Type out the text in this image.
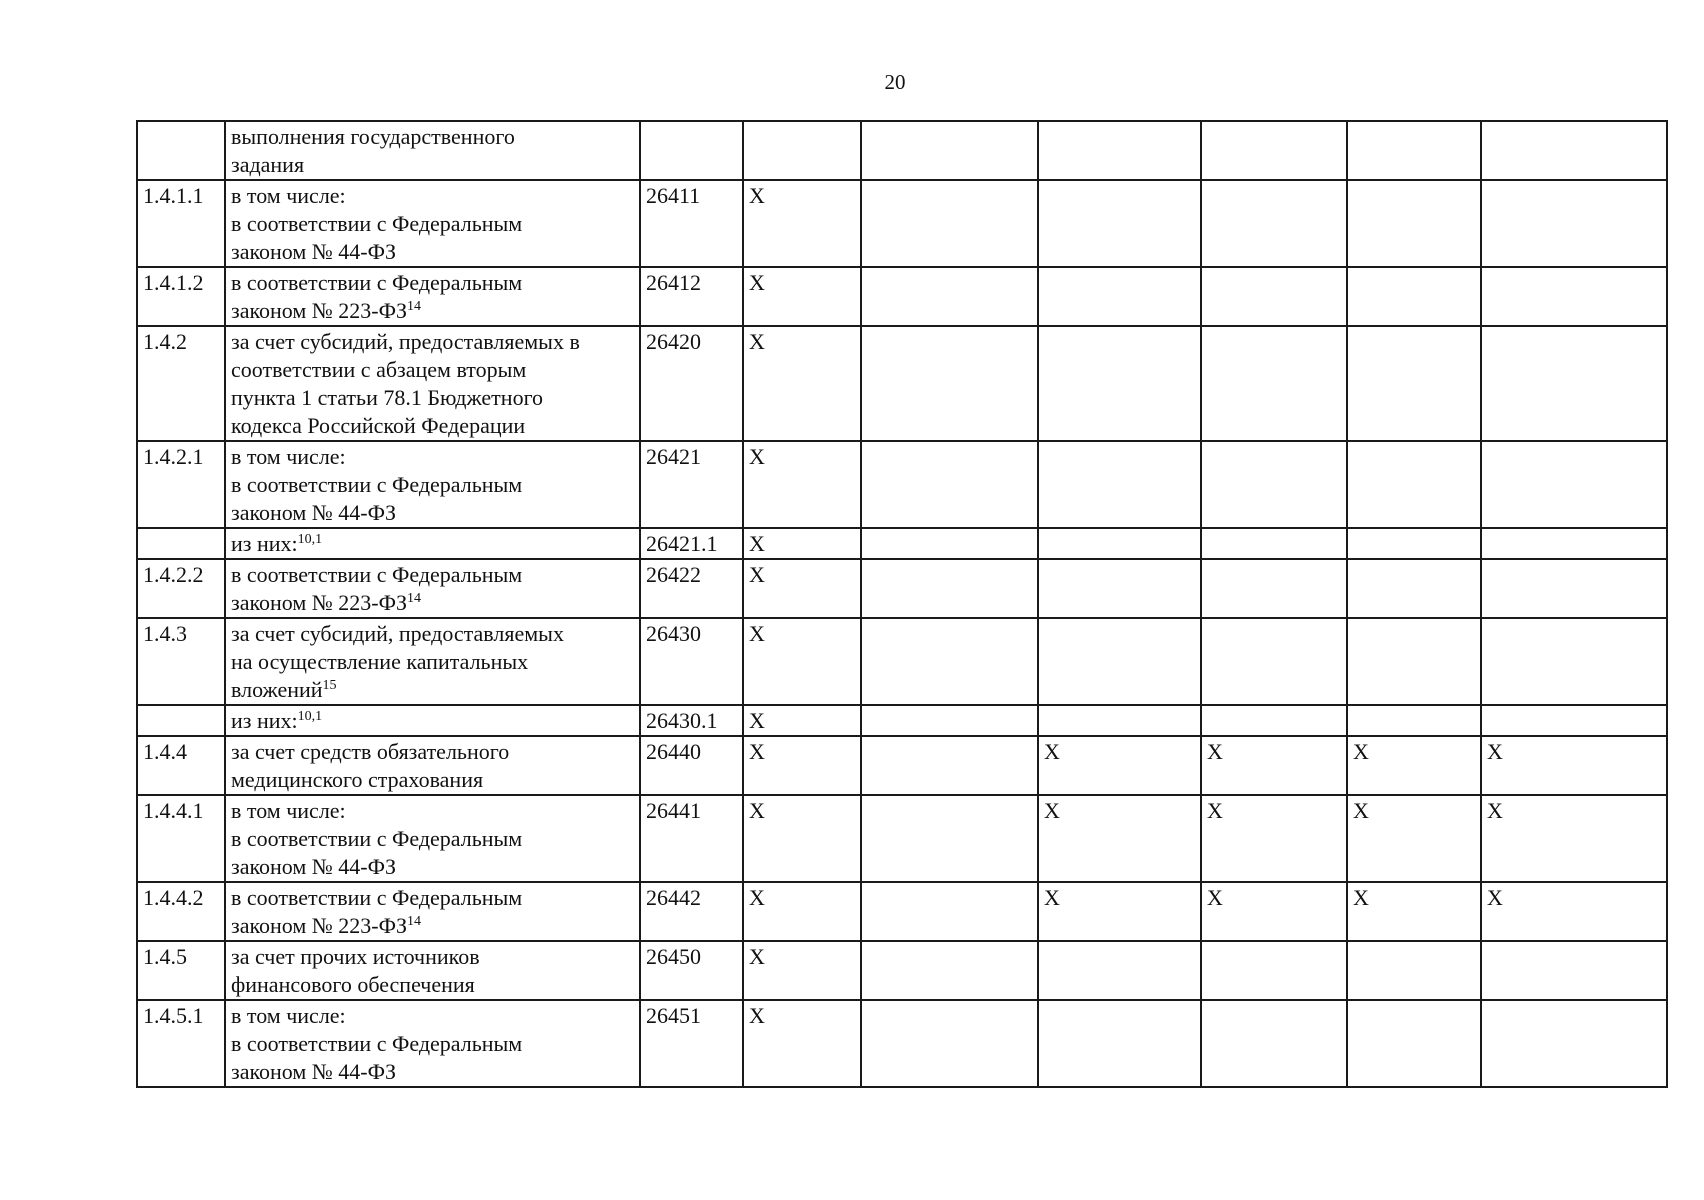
20

	выполнения государственного
задания							

1.4.1.1	в том числе:
в соответствии с Федеральным
законом № 44-ФЗ	26411	X					
1.4.1.2	в соответствии с Федеральным
законом № 223-ФЗ$^{14}$	26412	X					
1.4.2	за счет субсидий, предоставляемых в
соответствии с абзацем вторым
пункта 1 статьи 78.1 Бюджетного
кодекса Российской Федерации	26420	X					
1.4.2.1	в том числе:
в соответствии с Федеральным
законом № 44-ФЗ	26421	X					

	из них:$^{10,1}$	26421.1	X					
1.4.2.2	в соответствии с Федеральным
законом № 223-ФЗ$^{14}$	26422	X					
1.4.3	за счет субсидий, предоставляемых
на осуществление капитальных
вложений$^{15}$	26430	X					

	из них:$^{10,1}$	26430.1	X					
1.4.4	за счет средств обязательного
медицинского страхования	26440	X		X	X	X	X
1.4.4.1	в том числе:
в соответствии с Федеральным
законом № 44-ФЗ	26441	X		X	X	X	X
1.4.4.2	в соответствии с Федеральным
законом № 223-ФЗ$^{14}$	26442	X		X	X	X	X
1.4.5	за счет прочих источников
финансового обеспечения	26450	X					
1.4.5.1	в том числе:
в соответствии с Федеральным
законом № 44-ФЗ	26451	X					
